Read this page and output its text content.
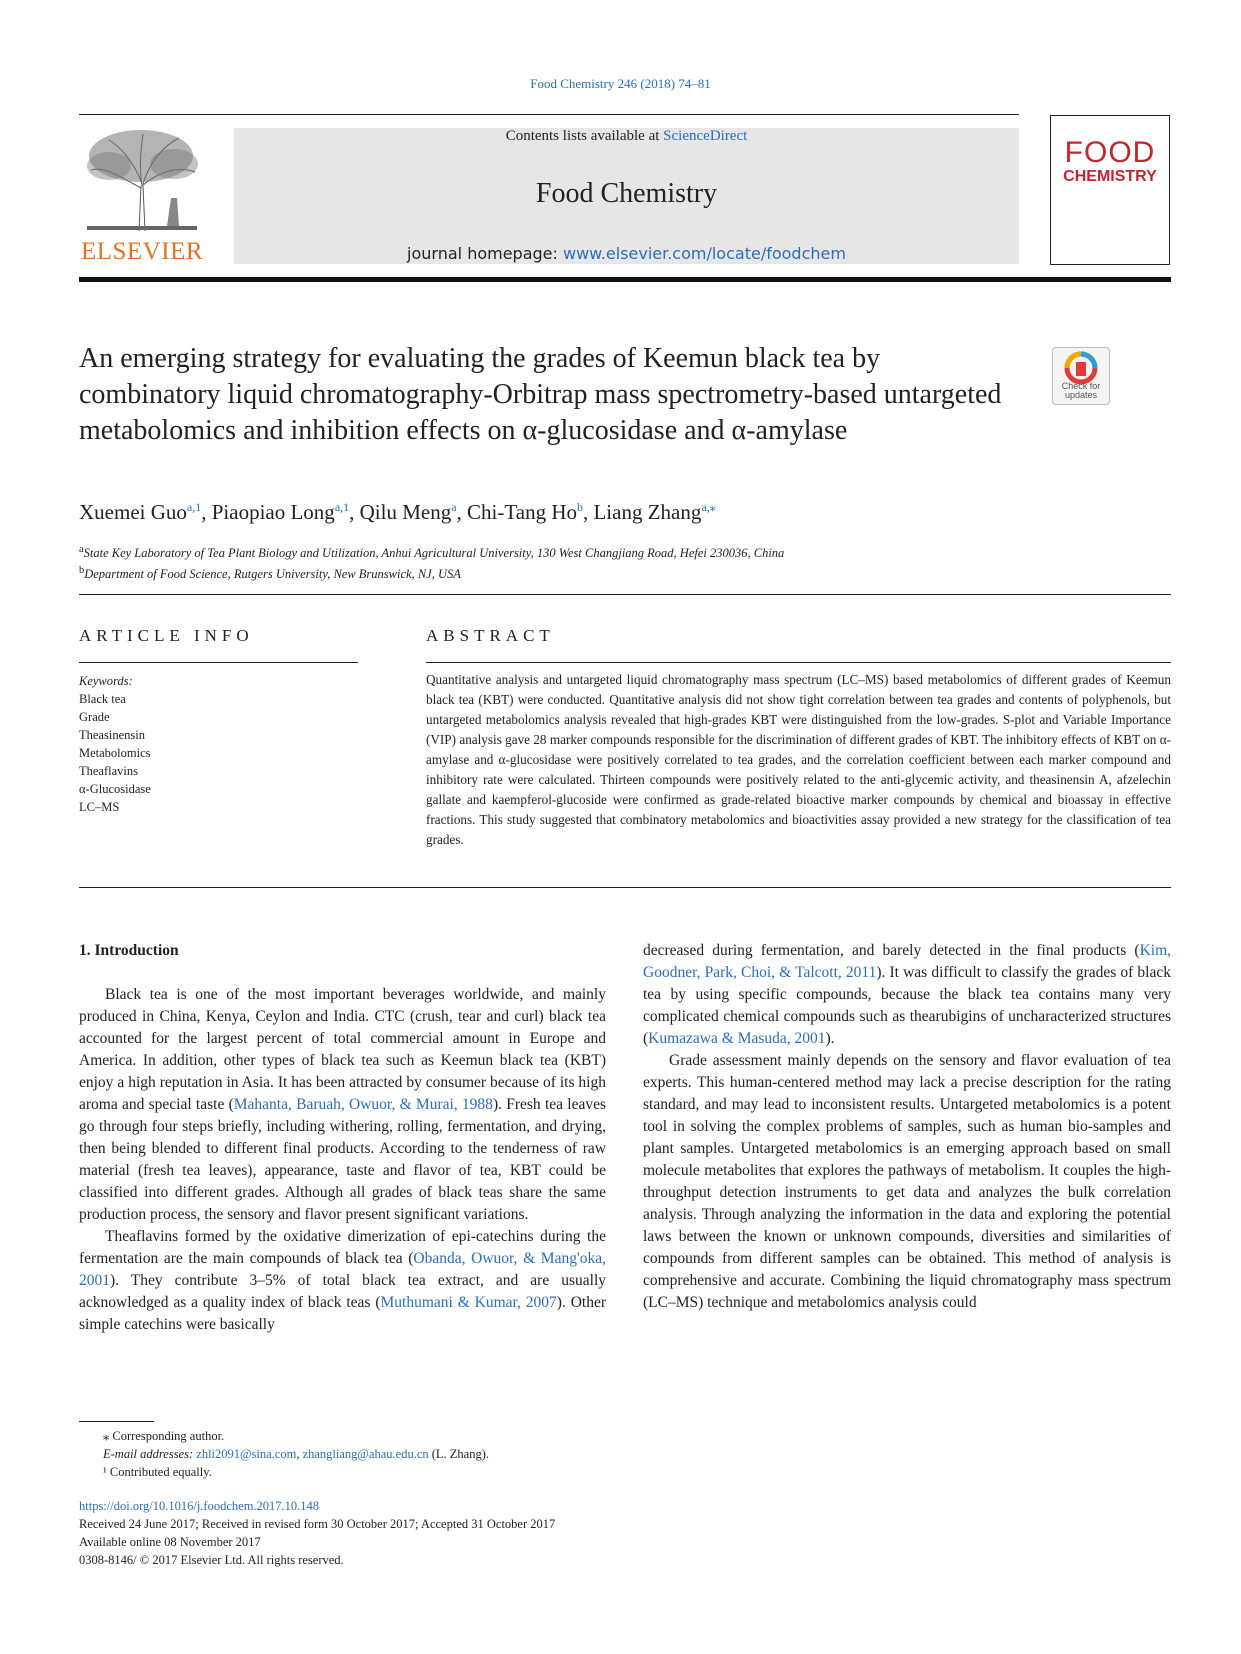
Food Chemistry 246 (2018) 74–81
ELSEVIER
Contents lists available at ScienceDirect
Food Chemistry
journal homepage: www.elsevier.com/locate/foodchem
FOOD
CHEMISTRY
An emerging strategy for evaluating the grades of Keemun black tea by combinatory liquid chromatography-Orbitrap mass spectrometry-based untargeted metabolomics and inhibition effects on α-glucosidase and α-amylase
Check for updates
Xuemei Guo$^{a,1}$, Piaopiao Long$^{a,1}$, Qilu Meng$^a$, Chi-Tang Ho$^b$, Liang Zhang$^{a,⁎}$
$^a$State Key Laboratory of Tea Plant Biology and Utilization, Anhui Agricultural University, 130 West Changjiang Road, Hefei 230036, China
$^b$Department of Food Science, Rutgers University, New Brunswick, NJ, USA
ARTICLE INFO
Keywords:
Black tea
Grade
Theasinensin
Metabolomics
Theaflavins
α-Glucosidase
LC–MS
ABSTRACT
Quantitative analysis and untargeted liquid chromatography mass spectrum (LC–MS) based metabolomics of different grades of Keemun black tea (KBT) were conducted. Quantitative analysis did not show tight correlation between tea grades and contents of polyphenols, but untargeted metabolomics analysis revealed that high-grades KBT were distinguished from the low-grades. S-plot and Variable Importance (VIP) analysis gave 28 marker compounds responsible for the discrimination of different grades of KBT. The inhibitory effects of KBT on α-amylase and α-glucosidase were positively correlated to tea grades, and the correlation coefficient between each marker compound and inhibitory rate were calculated. Thirteen compounds were positively related to the anti-glycemic activity, and theasinensin A, afzelechin gallate and kaempferol-glucoside were confirmed as grade-related bioactive marker compounds by chemical and bioassay in effective fractions. This study suggested that combinatory metabolomics and bioactivities assay provided a new strategy for the classification of tea grades.
1. Introduction

Black tea is one of the most important beverages worldwide, and mainly produced in China, Kenya, Ceylon and India. CTC (crush, tear and curl) black tea accounted for the largest percent of total commercial amount in Europe and America. In addition, other types of black tea such as Keemun black tea (KBT) enjoy a high reputation in Asia. It has been attracted by consumer because of its high aroma and special taste (Mahanta, Baruah, Owuor, & Murai, 1988). Fresh tea leaves go through four steps briefly, including withering, rolling, fermentation, and drying, then being blended to different final products. According to the tenderness of raw material (fresh tea leaves), appearance, taste and flavor of tea, KBT could be classified into different grades. Although all grades of black teas share the same production process, the sensory and flavor present significant variations.

Theaflavins formed by the oxidative dimerization of epi-catechins during the fermentation are the main compounds of black tea (Obanda, Owuor, & Mang'oka, 2001). They contribute 3–5% of total black tea extract, and are usually acknowledged as a quality index of black teas (Muthumani & Kumar, 2007). Other simple catechins were basically

decreased during fermentation, and barely detected in the final products (Kim, Goodner, Park, Choi, & Talcott, 2011). It was difficult to classify the grades of black tea by using specific compounds, because the black tea contains many very complicated chemical compounds such as thearubigins of uncharacterized structures (Kumazawa & Masuda, 2001).

Grade assessment mainly depends on the sensory and flavor evaluation of tea experts. This human-centered method may lack a precise description for the rating standard, and may lead to inconsistent results. Untargeted metabolomics is a potent tool in solving the complex problems of samples, such as human bio-samples and plant samples. Untargeted metabolomics is an emerging approach based on small molecule metabolites that explores the pathways of metabolism. It couples the high-throughput detection instruments to get data and analyzes the bulk correlation analysis. Through analyzing the information in the data and exploring the potential laws between the known or unknown compounds, diversities and similarities of compounds from different samples can be obtained. This method of analysis is comprehensive and accurate. Combining the liquid chromatography mass spectrum (LC–MS) technique and metabolomics analysis could

⁎ Corresponding author.
E-mail addresses: zhli2091@sina.com, zhangliang@ahau.edu.cn (L. Zhang).
¹ Contributed equally.
https://doi.org/10.1016/j.foodchem.2017.10.148
Received 24 June 2017; Received in revised form 30 October 2017; Accepted 31 October 2017
Available online 08 November 2017
0308-8146/ © 2017 Elsevier Ltd. All rights reserved.
